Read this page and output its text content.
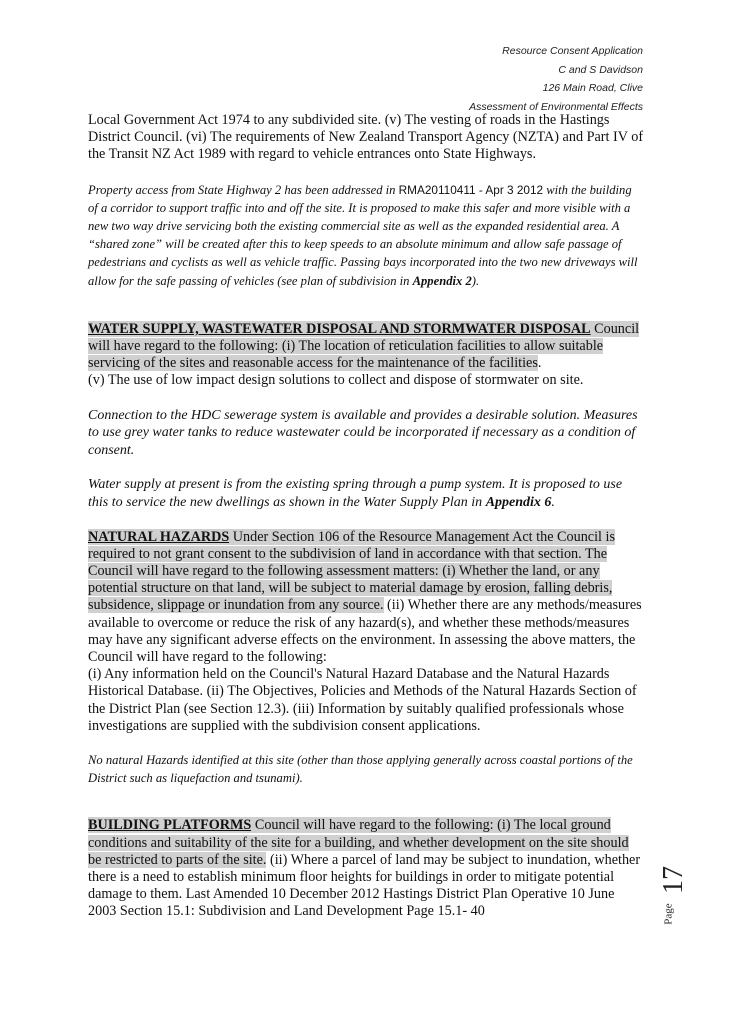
Resource Consent Application
C and S Davidson
126 Main Road, Clive
Assessment of Environmental Effects

Local Government Act 1974 to any subdivided site. (v) The vesting of roads in the Hastings District Council. (vi) The requirements of New Zealand Transport Agency (NZTA) and Part IV of the Transit NZ Act 1989 with regard to vehicle entrances onto State Highways.

Property access from State Highway 2 has been addressed in RMA20110411 - Apr 3 2012 with the building of a corridor to support traffic into and off the site. It is proposed to make this safer and more visible with a new two way drive servicing both the existing commercial site as well as the expanded residential area. A “shared zone” will be created after this to keep speeds to an absolute minimum and allow safe passage of pedestrians and cyclists as well as vehicle traffic. Passing bays incorporated into the two new driveways will allow for the safe passing of vehicles (see plan of subdivision in Appendix 2).

WATER SUPPLY, WASTEWATER DISPOSAL AND STORMWATER DISPOSAL Council will have regard to the following: (i) The location of reticulation facilities to allow suitable servicing of the sites and reasonable access for the maintenance of the facilities.
(v) The use of low impact design solutions to collect and dispose of stormwater on site.

Connection to the HDC sewerage system is available and provides a desirable solution. Measures to use grey water tanks to reduce wastewater could be incorporated if necessary as a condition of consent.

Water supply at present is from the existing spring through a pump system. It is proposed to use this to service the new dwellings as shown in the Water Supply Plan in Appendix 6.

NATURAL HAZARDS Under Section 106 of the Resource Management Act the Council is required to not grant consent to the subdivision of land in accordance with that section. The Council will have regard to the following assessment matters: (i) Whether the land, or any potential structure on that land, will be subject to material damage by erosion, falling debris, subsidence, slippage or inundation from any source. (ii) Whether there are any methods/measures available to overcome or reduce the risk of any hazard(s), and whether these methods/measures may have any significant adverse effects on the environment. In assessing the above matters, the Council will have regard to the following:
(i) Any information held on the Council's Natural Hazard Database and the Natural Hazards Historical Database. (ii) The Objectives, Policies and Methods of the Natural Hazards Section of the District Plan (see Section 12.3). (iii) Information by suitably qualified professionals whose investigations are supplied with the subdivision consent applications.

No natural Hazards identified at this site (other than those applying generally across coastal portions of the District such as liquefaction and tsunami).

BUILDING PLATFORMS Council will have regard to the following: (i) The local ground conditions and suitability of the site for a building, and whether development on the site should be restricted to parts of the site. (ii) Where a parcel of land may be subject to inundation, whether there is a need to establish minimum floor heights for buildings in order to mitigate potential damage to them. Last Amended 10 December 2012 Hastings District Plan Operative 10 June 2003 Section 15.1: Subdivision and Land Development Page 15.1- 40	Page
17
